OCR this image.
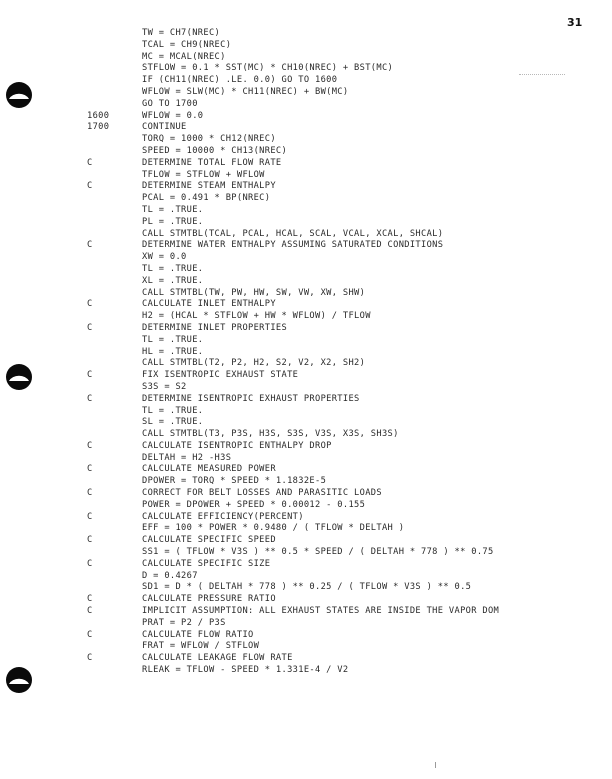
31
TW = CH7(NREC)
TCAL = CH9(NREC)
MC = MCAL(NREC)
STFLOW = 0.1 * SST(MC) * CH10(NREC) + BST(MC)
IF (CH11(NREC) .LE. 0.0) GO TO 1600
WFLOW = SLW(MC) * CH11(NREC) + BW(MC)
GO TO 1700
1600	WFLOW = 0.0
1700	CONTINUE
TORQ = 1000 * CH12(NREC)
SPEED = 10000 * CH13(NREC)
C	DETERMINE TOTAL FLOW RATE
TFLOW = STFLOW + WFLOW
C	DETERMINE STEAM ENTHALPY
PCAL = 0.491 * BP(NREC)
TL = .TRUE.
PL = .TRUE.
CALL STMTBL(TCAL, PCAL, HCAL, SCAL, VCAL, XCAL, SHCAL)
C	DETERMINE WATER ENTHALPY ASSUMING SATURATED CONDITIONS
XW = 0.0
TL = .TRUE.
XL = .TRUE.
CALL STMTBL(TW, PW, HW, SW, VW, XW, SHW)
C	CALCULATE INLET ENTHALPY
H2 = (HCAL * STFLOW + HW * WFLOW) / TFLOW
C	DETERMINE INLET PROPERTIES
TL = .TRUE.
HL = .TRUE.
CALL STMTBL(T2, P2, H2, S2, V2, X2, SH2)
C	FIX ISENTROPIC EXHAUST STATE
S3S = S2
C	DETERMINE ISENTROPIC EXHAUST PROPERTIES
TL = .TRUE.
SL = .TRUE.
CALL STMTBL(T3, P3S, H3S, S3S, V3S, X3S, SH3S)
C	CALCULATE ISENTROPIC ENTHALPY DROP
DELTAH = H2 -H3S
C	CALCULATE MEASURED POWER
DPOWER = TORQ * SPEED * 1.1832E-5
C	CORRECT FOR BELT LOSSES AND PARASITIC LOADS
POWER = DPOWER + SPEED * 0.00012 - 0.155
C	CALCULATE EFFICIENCY(PERCENT)
EFF = 100 * POWER * 0.9480 / ( TFLOW * DELTAH )
C	CALCULATE SPECIFIC SPEED
SS1 = ( TFLOW * V3S ) ** 0.5 * SPEED / ( DELTAH * 778 ) ** 0.75
C	CALCULATE SPECIFIC SIZE
D = 0.4267
SD1 = D * ( DELTAH * 778 ) ** 0.25 / ( TFLOW * V3S ) ** 0.5
C	CALCULATE PRESSURE RATIO
C	IMPLICIT ASSUMPTION: ALL EXHAUST STATES ARE INSIDE THE VAPOR DOM
PRAT = P2 / P3S
C	CALCULATE FLOW RATIO
FRAT = WFLOW / STFLOW
C	CALCULATE LEAKAGE FLOW RATE
RLEAK = TFLOW - SPEED * 1.331E-4 / V2
